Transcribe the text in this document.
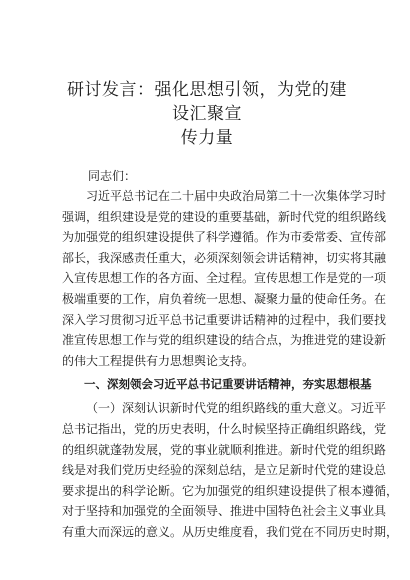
研讨发言：强化思想引领，为党的建设汇聚宣
传力量
同志们：

习近平总书记在二十届中央政治局第二十一次集体学习时
强调，组织建设是党的建设的重要基础，新时代党的组织路线
为加强党的组织建设提供了科学遵循。作为市委常委、宣传部
部长，我深感责任重大，必须深刻领会讲话精神，切实将其融
入宣传思想工作的各方面、全过程。宣传思想工作是党的一项
极端重要的工作，肩负着统一思想、凝聚力量的使命任务。在
深入学习贯彻习近平总书记重要讲话精神的过程中，我们要找
准宣传思想工作与党的组织建设的结合点，为推进党的建设新
的伟大工程提供有力思想舆论支持。

一、深刻领会习近平总书记重要讲话精神，夯实思想根基

（一）深刻认识新时代党的组织路线的重大意义。习近平
总书记指出，党的历史表明，什么时候坚持正确组织路线，党
的组织就蓬勃发展，党的事业就顺利推进。新时代党的组织路
线是对我们党历史经验的深刻总结，是立足新时代党的建设总
要求提出的科学论断。它为加强党的组织建设提供了根本遵循，
对于坚持和加强党的全面领导、推进中国特色社会主义事业具
有重大而深远的意义。从历史维度看，我们党在不同历史时期，
